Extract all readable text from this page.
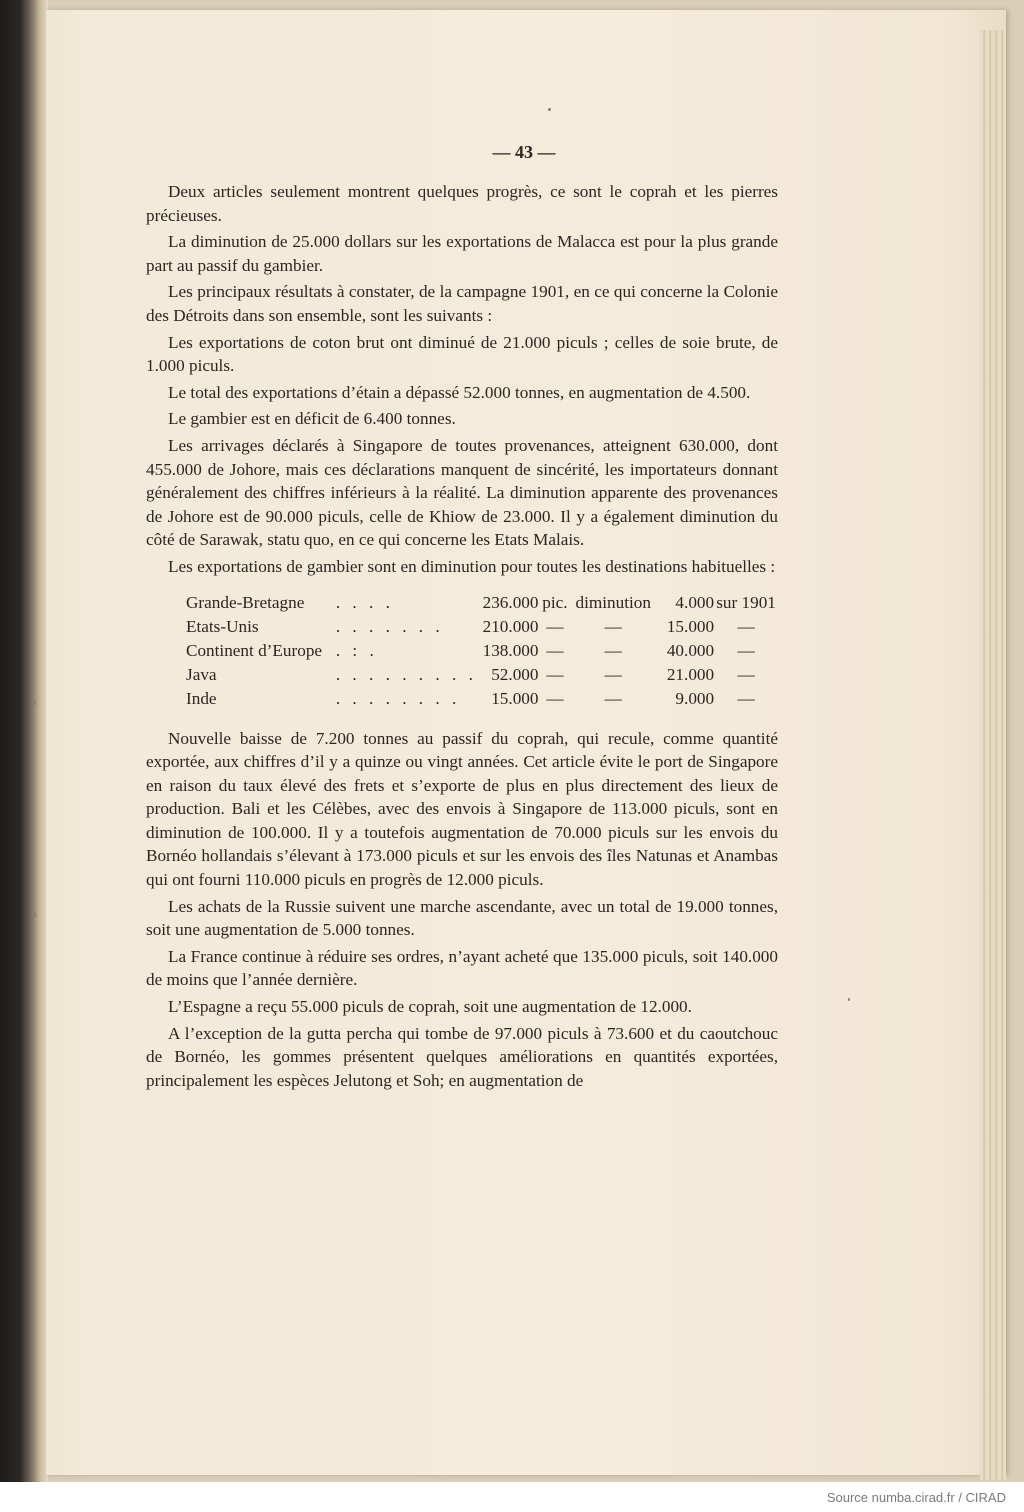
— 43 —

Deux articles seulement montrent quelques progrès, ce sont le coprah et les pierres précieuses.

La diminution de 25.000 dollars sur les exportations de Malacca est pour la plus grande part au passif du gambier.

Les principaux résultats à constater, de la campagne 1901, en ce qui concerne la Colonie des Détroits dans son ensemble, sont les suivants :

Les exportations de coton brut ont diminué de 21.000 piculs ; celles de soie brute, de 1.000 piculs.

Le total des exportations d’étain a dépassé 52.000 tonnes, en augmentation de 4.500.

Le gambier est en déficit de 6.400 tonnes.

Les arrivages déclarés à Singapore de toutes provenances, atteignent 630.000, dont 455.000 de Johore, mais ces déclarations manquent de sincérité, les importateurs donnant généralement des chiffres inférieurs à la réalité. La diminution apparente des provenances de Johore est de 90.000 piculs, celle de Khiow de 23.000. Il y a également diminution du côté de Sarawak, statu quo, en ce qui concerne les Etats Malais.

Les exportations de gambier sont en diminution pour toutes les destinations habituelles :

Grande-Bretagne	. . . .	236.000	pic.	diminution	4.000	sur 1901
Etats-Unis	. . . . . . .	210.000	—	—	15.000	—
Continent d’Europe	. : .	138.000	—	—	40.000	—
Java	. . . . . . . . .	52.000	—	—	21.000	—
Inde	. . . . . . . .	15.000	—	—	9.000	—

Nouvelle baisse de 7.200 tonnes au passif du coprah, qui recule, comme quantité exportée, aux chiffres d’il y a quinze ou vingt années. Cet article évite le port de Singapore en raison du taux élevé des frets et s’exporte de plus en plus directement des lieux de production. Bali et les Célèbes, avec des envois à Singapore de 113.000 piculs, sont en diminution de 100.000. Il y a toutefois augmentation de 70.000 piculs sur les envois du Bornéo hollandais s’élevant à 173.000 piculs et sur les envois des îles Natunas et Anambas qui ont fourni 110.000 piculs en progrès de 12.000 piculs.

Les achats de la Russie suivent une marche ascendante, avec un total de 19.000 tonnes, soit une augmentation de 5.000 tonnes.

La France continue à réduire ses ordres, n’ayant acheté que 135.000 piculs, soit 140.000 de moins que l’année dernière.

L’Espagne a reçu 55.000 piculs de coprah, soit une augmentation de 12.000.

A l’exception de la gutta percha qui tombe de 97.000 piculs à 73.600 et du caoutchouc de Bornéo, les gommes présentent quelques améliorations en quantités exportées, principalement les espèces Jelutong et Soh; en augmentation de

Source numba.cirad.fr / CIRAD
